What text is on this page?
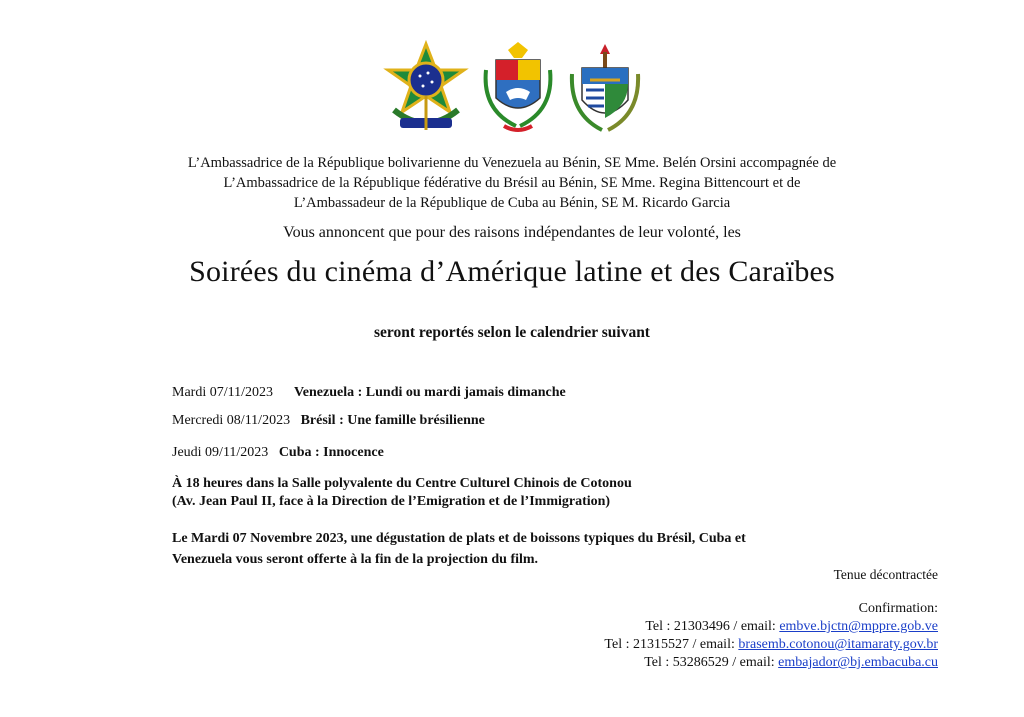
L’Ambassadrice de la République bolivarienne du Venezuela au Bénin, SE Mme. Belén Orsini accompagnée de
L’Ambassadrice de la République fédérative du Brésil au Bénin, SE Mme. Regina Bittencourt et de
L’Ambassadeur de la République de Cuba au Bénin, SE M. Ricardo Garcia
Vous annoncent que pour des raisons indépendantes de leur volonté, les
Soirées du cinéma d’Amérique latine et des Caraïbes
seront reportés selon le calendrier suivant
Mardi 07/11/2023 Venezuela : Lundi ou mardi jamais dimanche
Mercredi 08/11/2023 Brésil : Une famille brésilienne
Jeudi 09/11/2023 Cuba : Innocence
À 18 heures dans la Salle polyvalente du Centre Culturel Chinois de Cotonou
(Av. Jean Paul II, face à la Direction de l’Emigration et de l’Immigration)
Le Mardi 07 Novembre 2023, une dégustation de plats et de boissons typiques du Brésil, Cuba et
Venezuela vous seront offerte à la fin de la projection du film.
Tenue décontractée
Confirmation:
Tel : 21303496 / email: embve.bjctn@mppre.gob.ve
Tel : 21315527 / email: brasemb.cotonou@itamaraty.gov.br
Tel : 53286529 / email: embajador@bj.embacuba.cu
